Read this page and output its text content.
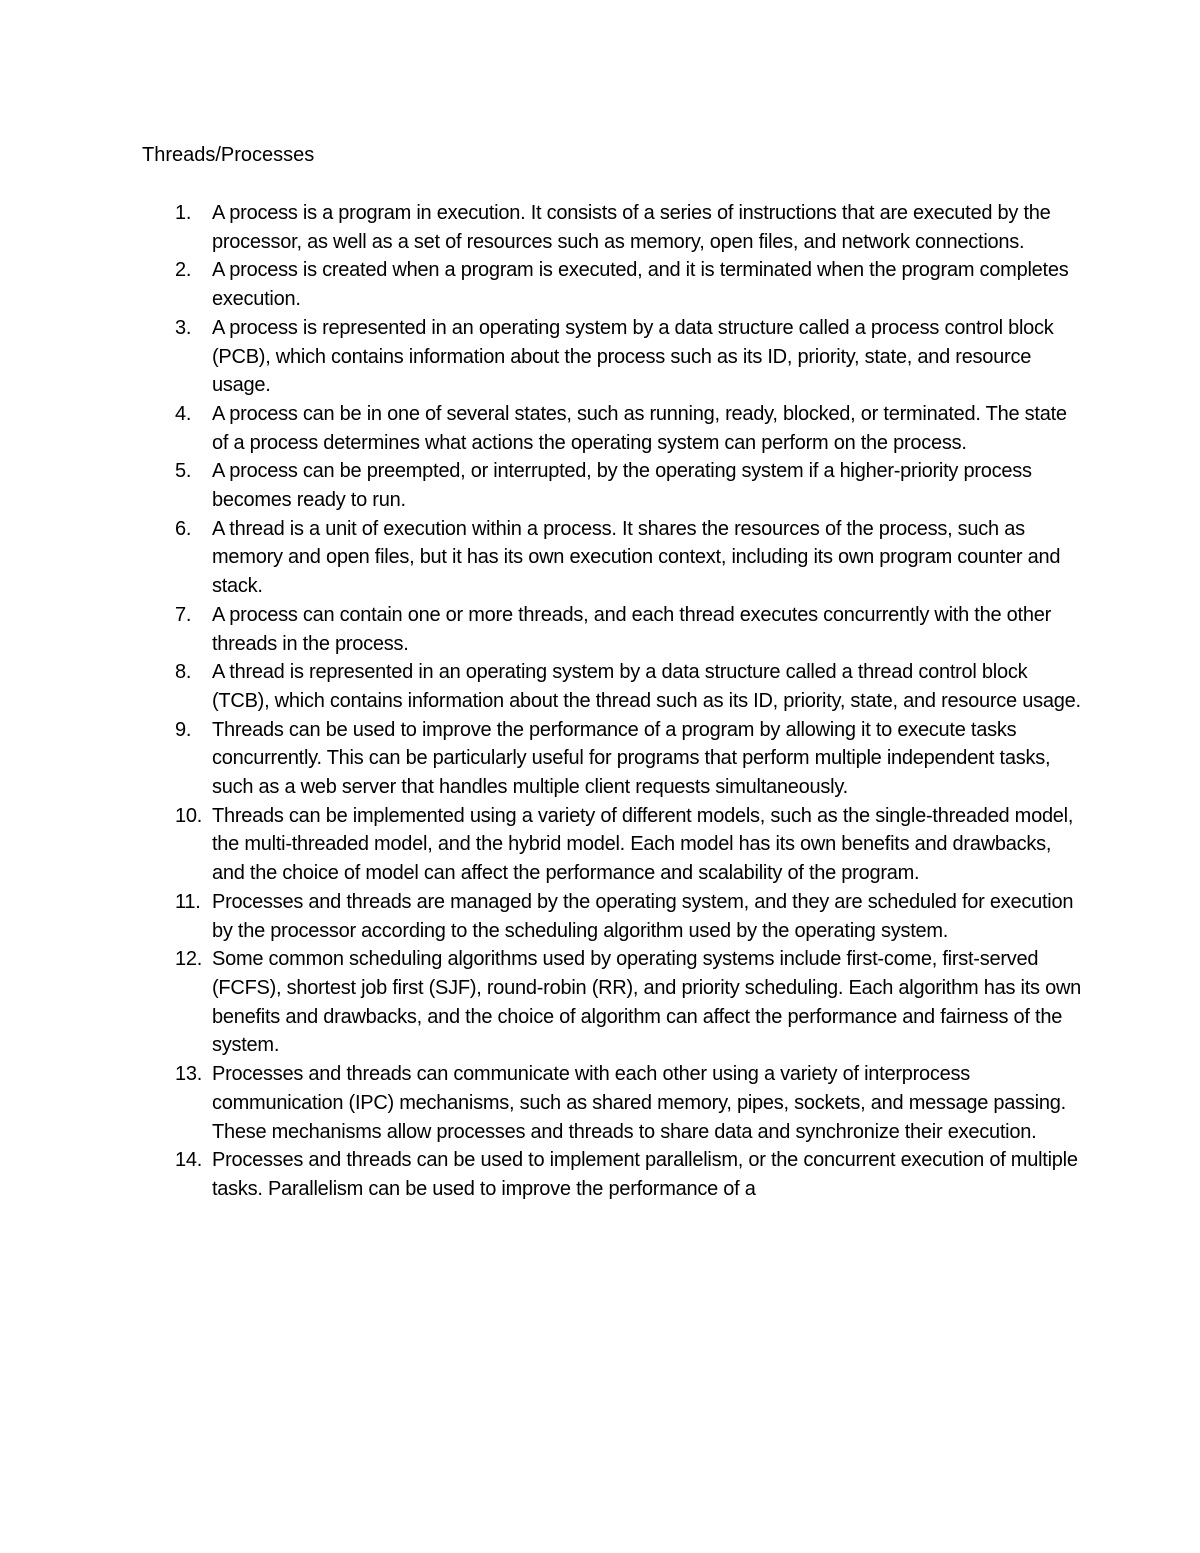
Threads/Processes
1. A process is a program in execution. It consists of a series of instructions that are executed by the processor, as well as a set of resources such as memory, open files, and network connections.
2. A process is created when a program is executed, and it is terminated when the program completes execution.
3. A process is represented in an operating system by a data structure called a process control block (PCB), which contains information about the process such as its ID, priority, state, and resource usage.
4. A process can be in one of several states, such as running, ready, blocked, or terminated. The state of a process determines what actions the operating system can perform on the process.
5. A process can be preempted, or interrupted, by the operating system if a higher-priority process becomes ready to run.
6. A thread is a unit of execution within a process. It shares the resources of the process, such as memory and open files, but it has its own execution context, including its own program counter and stack.
7. A process can contain one or more threads, and each thread executes concurrently with the other threads in the process.
8. A thread is represented in an operating system by a data structure called a thread control block (TCB), which contains information about the thread such as its ID, priority, state, and resource usage.
9. Threads can be used to improve the performance of a program by allowing it to execute tasks concurrently. This can be particularly useful for programs that perform multiple independent tasks, such as a web server that handles multiple client requests simultaneously.
10. Threads can be implemented using a variety of different models, such as the single-threaded model, the multi-threaded model, and the hybrid model. Each model has its own benefits and drawbacks, and the choice of model can affect the performance and scalability of the program.
11. Processes and threads are managed by the operating system, and they are scheduled for execution by the processor according to the scheduling algorithm used by the operating system.
12. Some common scheduling algorithms used by operating systems include first-come, first-served (FCFS), shortest job first (SJF), round-robin (RR), and priority scheduling. Each algorithm has its own benefits and drawbacks, and the choice of algorithm can affect the performance and fairness of the system.
13. Processes and threads can communicate with each other using a variety of interprocess communication (IPC) mechanisms, such as shared memory, pipes, sockets, and message passing. These mechanisms allow processes and threads to share data and synchronize their execution.
14. Processes and threads can be used to implement parallelism, or the concurrent execution of multiple tasks. Parallelism can be used to improve the performance of a
